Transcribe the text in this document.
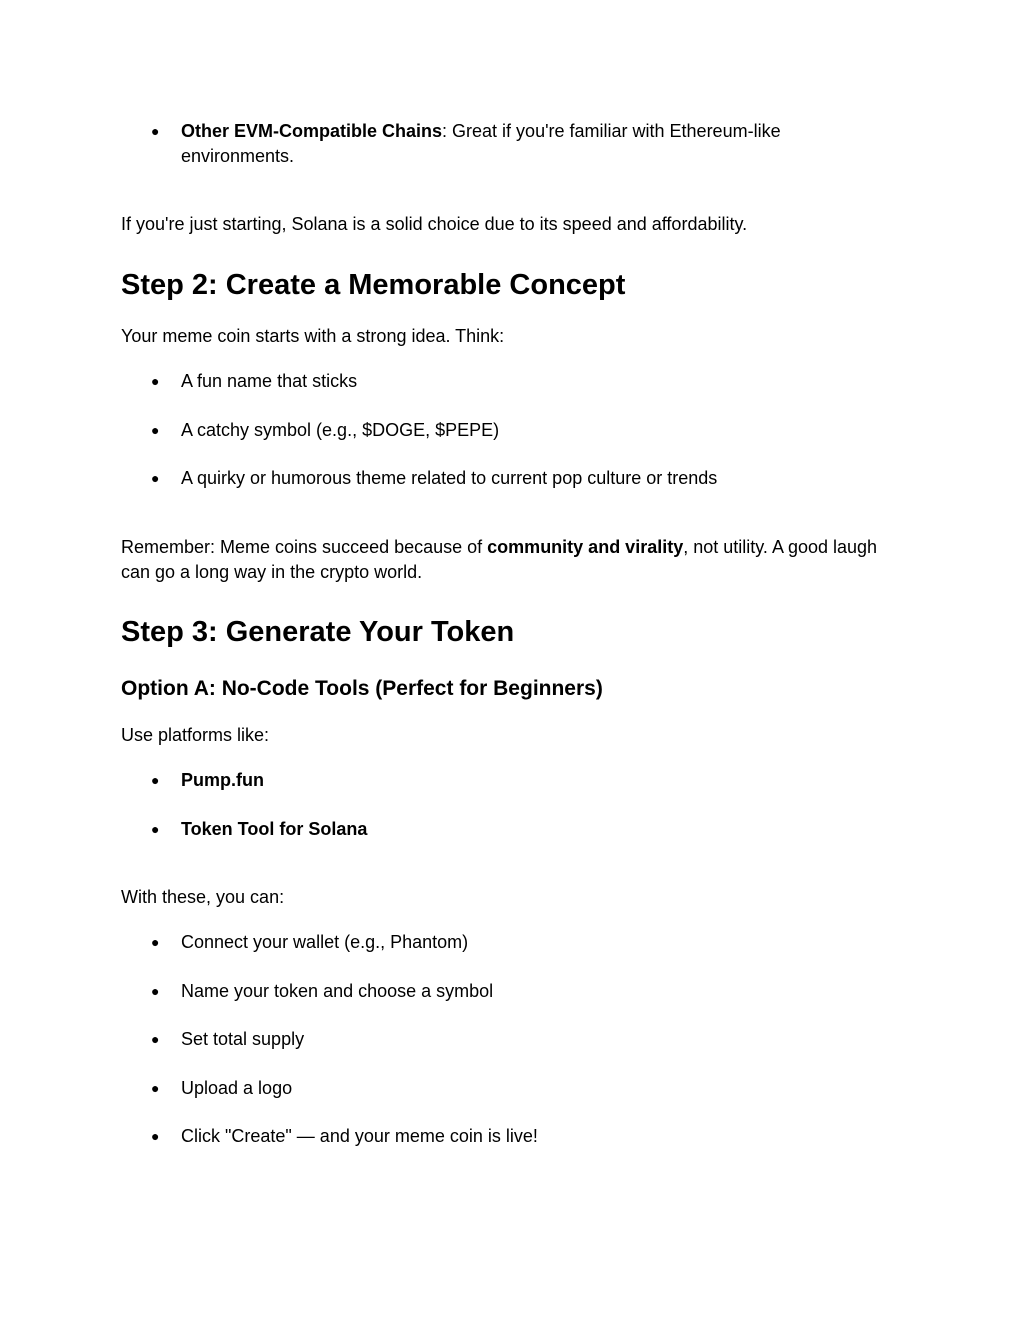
●	Other EVM-Compatible Chains: Great if you're familiar with Ethereum-like environments.

If you're just starting, Solana is a solid choice due to its speed and affordability.

Step 2: Create a Memorable Concept

Your meme coin starts with a strong idea. Think:

●	A fun name that sticks
●	A catchy symbol (e.g., $DOGE, $PEPE)
●	A quirky or humorous theme related to current pop culture or trends

Remember: Meme coins succeed because of community and virality, not utility. A good laugh can go a long way in the crypto world.

Step 3: Generate Your Token
Option A: No-Code Tools (Perfect for Beginners)

Use platforms like:

●	Pump.fun
●	Token Tool for Solana

With these, you can:

●	Connect your wallet (e.g., Phantom)
●	Name your token and choose a symbol
●	Set total supply
●	Upload a logo
●	Click "Create" — and your meme coin is live!
